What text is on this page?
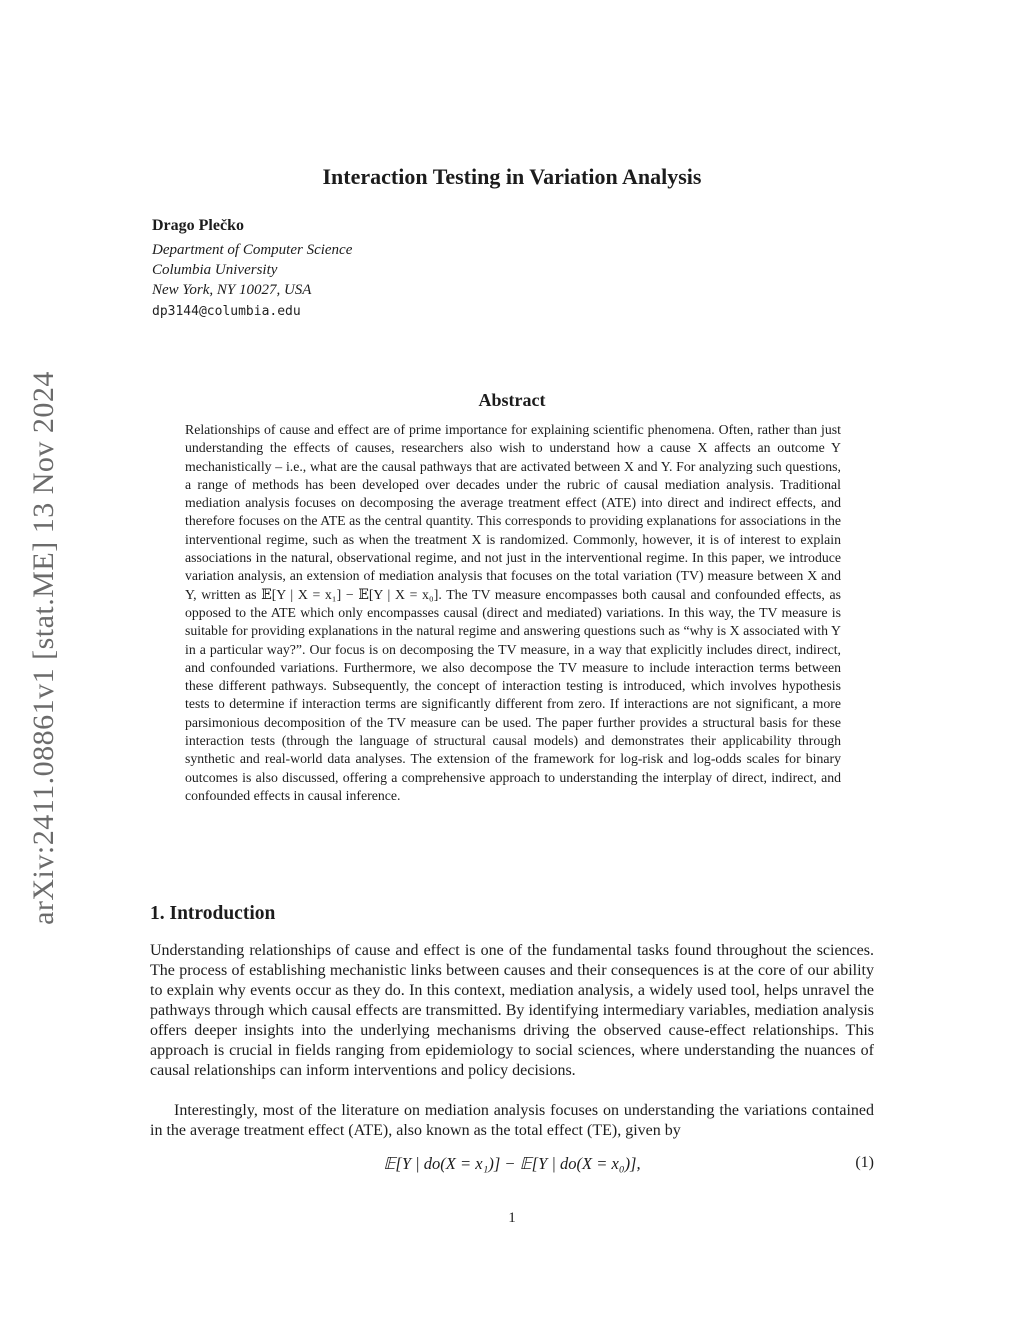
arXiv:2411.08861v1 [stat.ME] 13 Nov 2024
Interaction Testing in Variation Analysis
Drago Plečko
Department of Computer Science
Columbia University
New York, NY 10027, USA
dp3144@columbia.edu
Abstract

Relationships of cause and effect are of prime importance for explaining scientific phenomena. Often, rather than just understanding the effects of causes, researchers also wish to understand how a cause X affects an outcome Y mechanistically – i.e., what are the causal pathways that are activated between X and Y. For analyzing such questions, a range of methods has been developed over decades under the rubric of causal mediation analysis. Traditional mediation analysis focuses on decomposing the average treatment effect (ATE) into direct and indirect effects, and therefore focuses on the ATE as the central quantity. This corresponds to providing explanations for associations in the interventional regime, such as when the treatment X is randomized. Commonly, however, it is of interest to explain associations in the natural, observational regime, and not just in the interventional regime. In this paper, we introduce variation analysis, an extension of mediation analysis that focuses on the total variation (TV) measure between X and Y, written as 𝔼[Y | X = x₁] − 𝔼[Y | X = x₀]. The TV measure encompasses both causal and confounded effects, as opposed to the ATE which only encompasses causal (direct and mediated) variations. In this way, the TV measure is suitable for providing explanations in the natural regime and answering questions such as “why is X associated with Y in a particular way?”. Our focus is on decomposing the TV measure, in a way that explicitly includes direct, indirect, and confounded variations. Furthermore, we also decompose the TV measure to include interaction terms between these different pathways. Subsequently, the concept of interaction testing is introduced, which involves hypothesis tests to determine if interaction terms are significantly different from zero. If interactions are not significant, a more parsimonious decomposition of the TV measure can be used. The paper further provides a structural basis for these interaction tests (through the language of structural causal models) and demonstrates their applicability through synthetic and real-world data analyses. The extension of the framework for log-risk and log-odds scales for binary outcomes is also discussed, offering a comprehensive approach to understanding the interplay of direct, indirect, and confounded effects in causal inference.

1. Introduction

Understanding relationships of cause and effect is one of the fundamental tasks found throughout the sciences. The process of establishing mechanistic links between causes and their consequences is at the core of our ability to explain why events occur as they do. In this context, mediation analysis, a widely used tool, helps unravel the pathways through which causal effects are transmitted. By identifying intermediary variables, mediation analysis offers deeper insights into the underlying mechanisms driving the observed cause-effect relationships. This approach is crucial in fields ranging from epidemiology to social sciences, where understanding the nuances of causal relationships can inform interventions and policy decisions.

Interestingly, most of the literature on mediation analysis focuses on understanding the variations contained in the average treatment effect (ATE), also known as the total effect (TE), given by

𝔼[Y | do(X = x₁)] − 𝔼[Y | do(X = x₀)],	(1)
1
